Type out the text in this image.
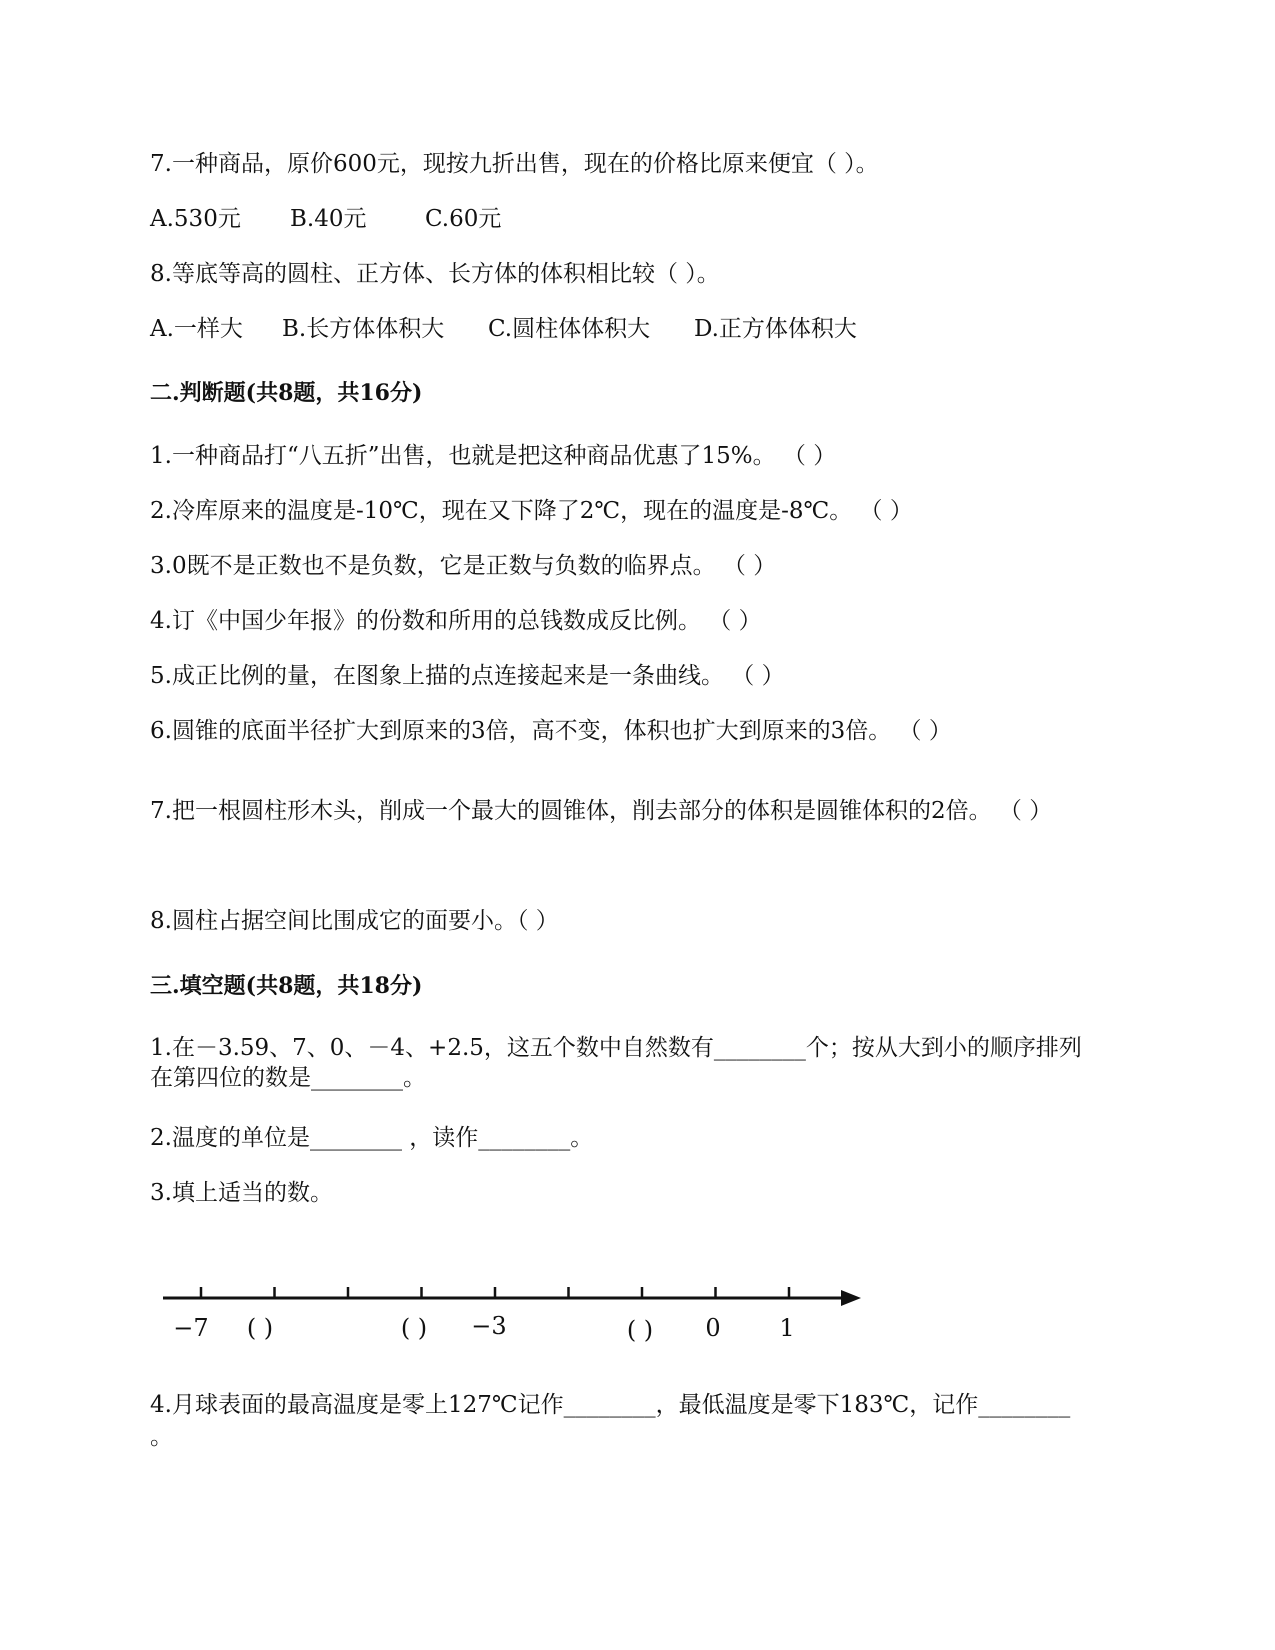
7.一种商品，原价600元，现按九折出售，现在的价格比原来便宜（ ）。
A.530元 B.40元	C.60元
8.等底等高的圆柱、正方体、长方体的体积相比较（ ）。
A.一样大 B.长方体体积大 C.圆柱体体积大 D.正方体体积大
二.判断题(共8题，共16分)
1.一种商品打“八五折”出售，也就是把这种商品优惠了15%。 （ ）
2.冷库原来的温度是-10℃，现在又下降了2℃，现在的温度是-8℃。 （ ）
3.0既不是正数也不是负数，它是正数与负数的临界点。 （ ）
4.订《中国少年报》的份数和所用的总钱数成反比例。 （ ）
5.成正比例的量，在图象上描的点连接起来是一条曲线。 （ ）
6.圆锥的底面半径扩大到原来的3倍，高不变，体积也扩大到原来的3倍。 （ ）
7.把一根圆柱形木头，削成一个最大的圆锥体，削去部分的体积是圆锥体积的2倍。 （ ）
8.圆柱占据空间比围成它的面要小。（ ）
三.填空题(共8题，共18分)
1.在－3.59、7、0、－4、+2.5，这五个数中自然数有________个；按从大到小的顺序排列
在第四位的数是________。
2.温度的单位是________ ，读作________。
3.填上适当的数。
−7 ( )	( ) −3	( ) 0 1
4.月球表面的最高温度是零上127℃记作________，最低温度是零下183℃，记作________
。
